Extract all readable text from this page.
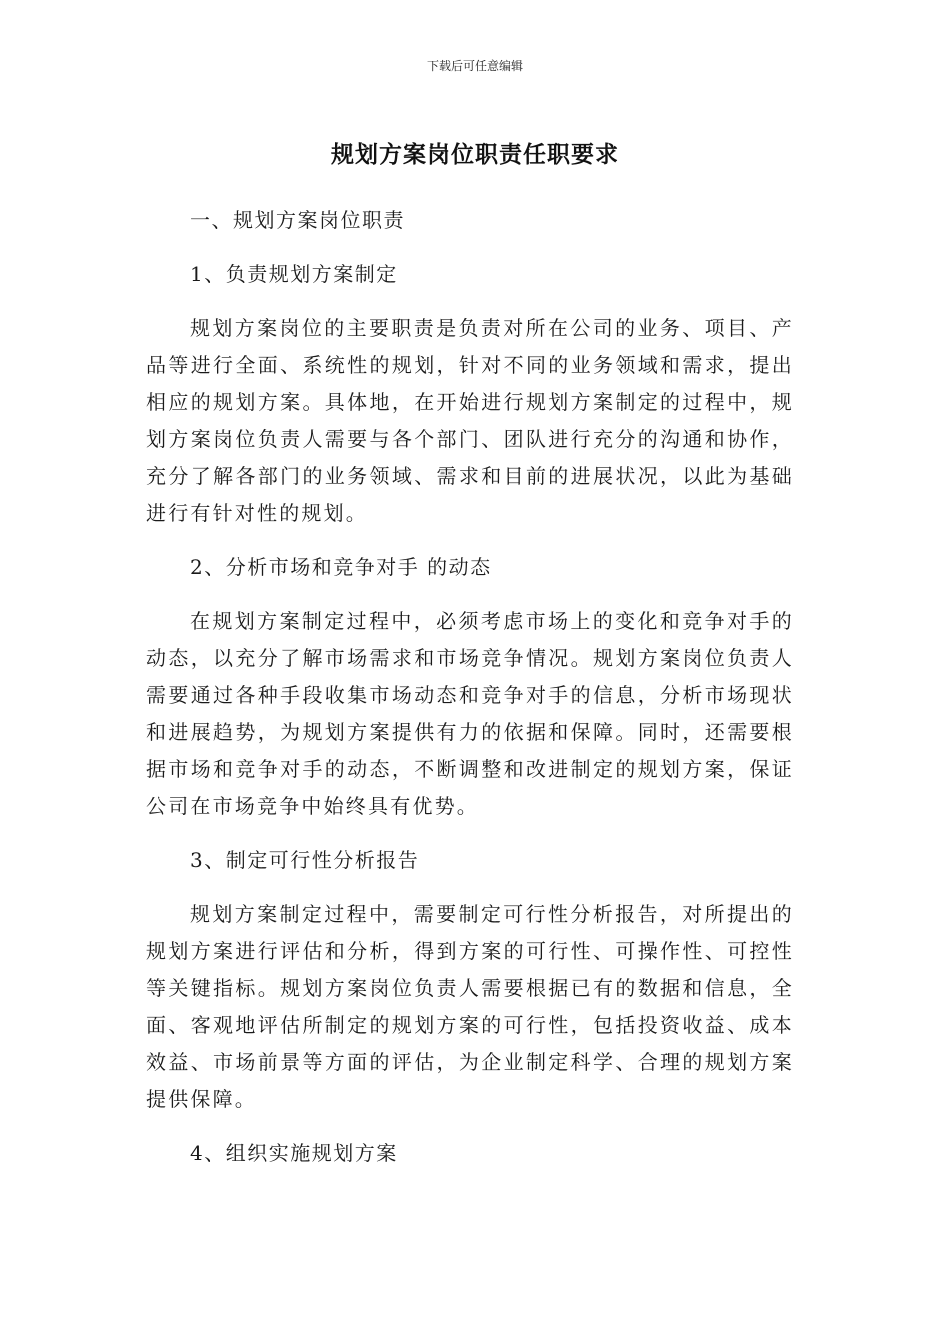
下载后可任意编辑
规划方案岗位职责任职要求
一、规划方案岗位职责
1、负责规划方案制定
规划方案岗位的主要职责是负责对所在公司的业务、项目、产品等进行全面、系统性的规划，针对不同的业务领域和需求，提出相应的规划方案。具体地，在开始进行规划方案制定的过程中，规划方案岗位负责人需要与各个部门、团队进行充分的沟通和协作，充分了解各部门的业务领域、需求和目前的进展状况，以此为基础进行有针对性的规划。
2、分析市场和竞争对手 的动态
在规划方案制定过程中，必须考虑市场上的变化和竞争对手的动态，以充分了解市场需求和市场竞争情况。规划方案岗位负责人需要通过各种手段收集市场动态和竞争对手的信息，分析市场现状和进展趋势，为规划方案提供有力的依据和保障。同时，还需要根据市场和竞争对手的动态，不断调整和改进制定的规划方案，保证公司在市场竞争中始终具有优势。
3、制定可行性分析报告
规划方案制定过程中，需要制定可行性分析报告，对所提出的规划方案进行评估和分析，得到方案的可行性、可操作性、可控性等关键指标。规划方案岗位负责人需要根据已有的数据和信息，全面、客观地评估所制定的规划方案的可行性，包括投资收益、成本效益、市场前景等方面的评估，为企业制定科学、合理的规划方案提供保障。
4、组织实施规划方案
